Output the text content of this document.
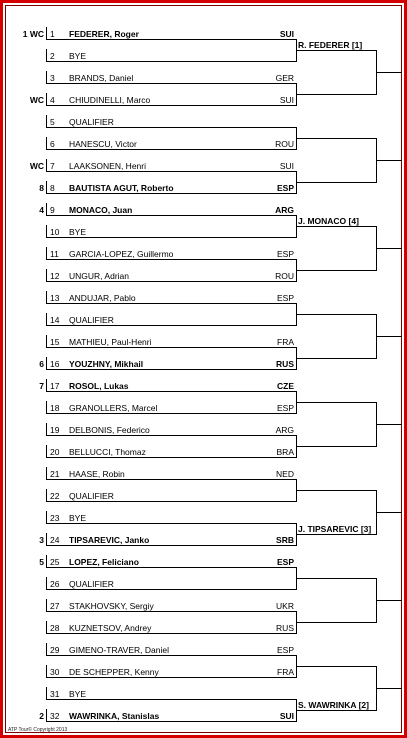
1 WC 1 FEDERER, Roger	SUI
2 BYE
3 BRANDS, Daniel	GER
WC 4 CHIUDINELLI, Marco	SUI
5 QUALIFIER
6 HANESCU, Victor	ROU
WC 7 LAAKSONEN, Henri	SUI
8 8 BAUTISTA AGUT, Roberto	ESP
4 9 MONACO, Juan	ARG
10 BYE
11 GARCIA-LOPEZ, Guillermo	ESP
12 UNGUR, Adrian	ROU
13 ANDUJAR, Pablo	ESP
14 QUALIFIER
15 MATHIEU, Paul-Henri	FRA
6 16 YOUZHNY, Mikhail	RUS
7 17 ROSOL, Lukas	CZE
18 GRANOLLERS, Marcel	ESP
19 DELBONIS, Federico	ARG
20 BELLUCCI, Thomaz	BRA
21 HAASE, Robin	NED
22 QUALIFIER
23 BYE
3 24 TIPSAREVIC, Janko	SRB
5 25 LOPEZ, Feliciano	ESP
26 QUALIFIER
27 STAKHOVSKY, Sergiy	UKR
28 KUZNETSOV, Andrey	RUS
29 GIMENO-TRAVER, Daniel	ESP
30 DE SCHEPPER, Kenny	FRA
31 BYE
2 32 WAWRINKA, Stanislas	SUI
R. FEDERER [1]
J. MONACO [4]
J. TIPSAREVIC [3]
S. WAWRINKA [2]
ATP Tour© Copyright 2013
